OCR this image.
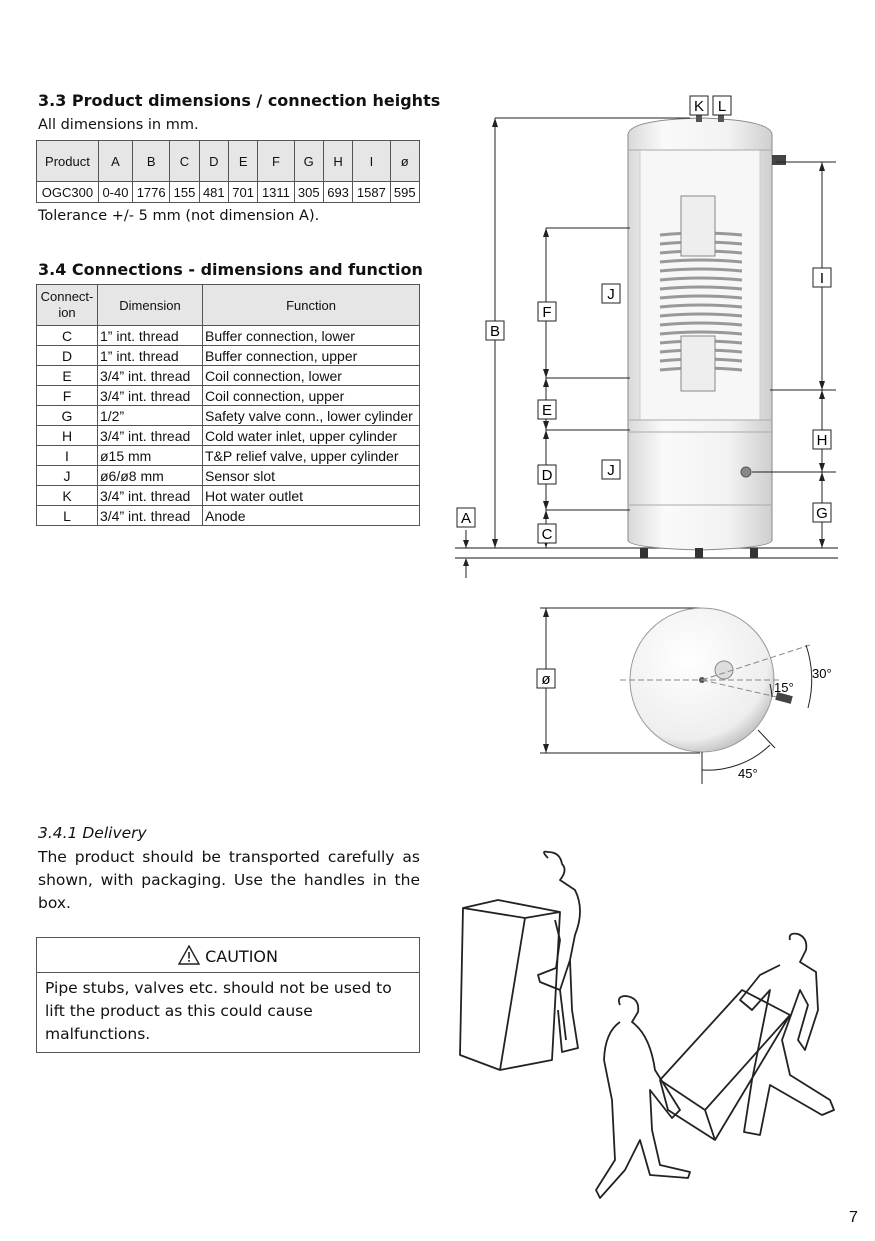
3.3 Product dimensions / connection heights
All dimensions in mm.
Product	A	B	C	D	E	F	G	H	I	ø
OGC300	0-40	1776	155	481	701	1311	305	693	1587	595
Tolerance +/- 5 mm (not dimension A).
3.4 Connections - dimensions and function
Connect-
ion	Dimension	Function
C	1” int. thread	Buffer connection, lower
D	1” int. thread	Buffer connection, upper
E	3/4” int. thread	Coil connection, lower
F	3/4” int. thread	Coil connection, upper
G	1/2”	Safety valve conn., lower cylinder
H	3/4” int. thread	Cold water inlet, upper cylinder
I	ø15 mm	T&P relief valve, upper cylinder
J	ø6/ø8 mm	Sensor slot
K	3/4” int. thread	Hot water outlet
L	3/4” int. thread	Anode
3.4.1 Delivery
The product should be transported carefully as shown, with packaging. Use the handles in the box.
CAUTION
Pipe stubs, valves etc. should not be used to lift the product as this could cause malfunctions.
K L
B
F
J
I
E
H
J
D
A	G
C
ø	30°
15°
45°
7
